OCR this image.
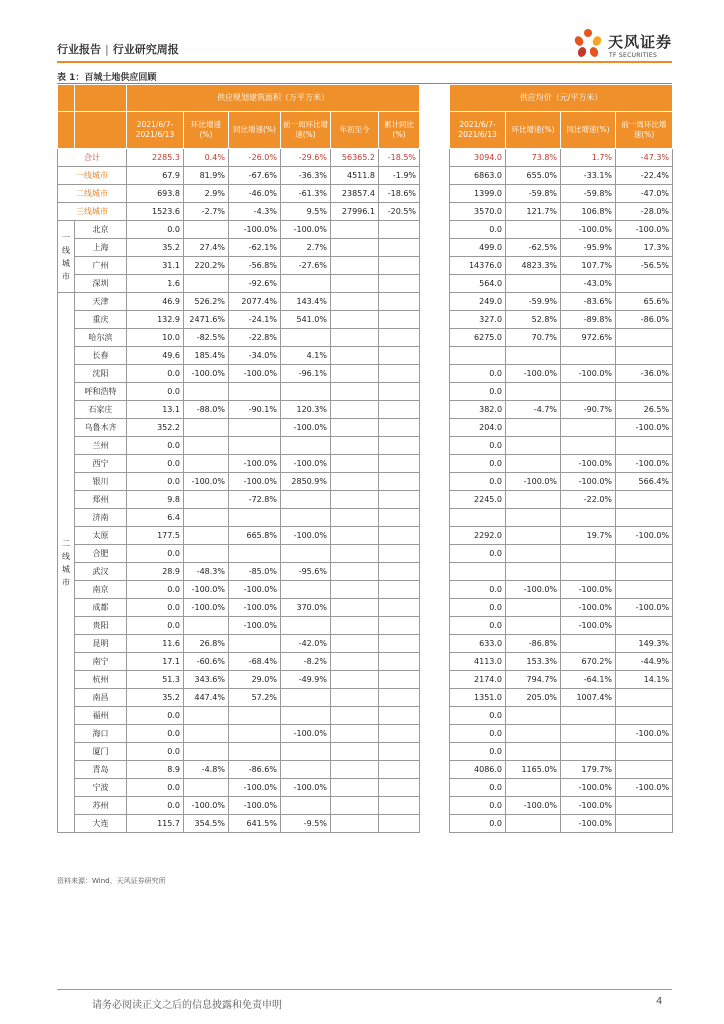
行业报告 | 行业研究周报	天风证券
TF SECURITIES
表 1：百城土地供应回顾
		供应规划建筑面积（万平方米）							供应均价（元/平方米）			
		2021/6/7-2021/6/13	环比增速(%)	同比增速(%)	前一周环比增速(%)	年初至今	累计同比(%)		2021/6/7-2021/6/13	环比增速(%)	同比增速(%)	前一周环比增速(%)
合计		2285.3	0.4%	-26.0%	-29.6%	56365.2	-18.5%		3094.0	73.8%	1.7%	-47.3%
一线城市		67.9	81.9%	-67.6%	-36.3%	4511.8	-1.9%		6863.0	655.0%	-33.1%	-22.4%
二线城市		693.8	2.9%	-46.0%	-61.3%	23857.4	-18.6%		1399.0	-59.8%	-59.8%	-47.0%
三线城市		1523.6	-2.7%	-4.3%	9.5%	27996.1	-20.5%		3570.0	121.7%	106.8%	-28.0%
一
线
城
市	北京	0.0		-100.0%	-100.0%				0.0		-100.0%	-100.0%
	上海	35.2	27.4%	-62.1%	2.7%				499.0	-62.5%	-95.9%	17.3%
	广州	31.1	220.2%	-56.8%	-27.6%				14376.0	4823.3%	107.7%	-56.5%
	深圳	1.6		-92.6%					564.0		-43.0%	
二
线
城
市	天津	46.9	526.2%	2077.4%	143.4%				249.0	-59.9%	-83.6%	65.6%
	重庆	132.9	2471.6%	-24.1%	541.0%				327.0	52.8%	-89.8%	-86.0%
	哈尔滨	10.0	-82.5%	-22.8%					6275.0	70.7%	972.6%	
	长春	49.6	185.4%	-34.0%	4.1%							
	沈阳	0.0	-100.0%	-100.0%	-96.1%				0.0	-100.0%	-100.0%	-36.0%
	呼和浩特	0.0							0.0			
	石家庄	13.1	-88.0%	-90.1%	120.3%				382.0	-4.7%	-90.7%	26.5%
	乌鲁木齐	352.2			-100.0%				204.0			-100.0%
	兰州	0.0							0.0			
	西宁	0.0		-100.0%	-100.0%				0.0		-100.0%	-100.0%
	银川	0.0	-100.0%	-100.0%	2850.9%				0.0	-100.0%	-100.0%	566.4%
	郑州	9.8		-72.8%					2245.0		-22.0%	
	济南	6.4										
	太原	177.5		665.8%	-100.0%				2292.0		19.7%	-100.0%
	合肥	0.0							0.0			
	武汉	28.9	-48.3%	-85.0%	-95.6%							
	南京	0.0	-100.0%	-100.0%					0.0	-100.0%	-100.0%	
	成都	0.0	-100.0%	-100.0%	370.0%				0.0		-100.0%	-100.0%
	贵阳	0.0		-100.0%					0.0		-100.0%	
	昆明	11.6	26.8%		-42.0%				633.0	-86.8%		149.3%
	南宁	17.1	-60.6%	-68.4%	-8.2%				4113.0	153.3%	670.2%	-44.9%
	杭州	51.3	343.6%	29.0%	-49.9%				2174.0	794.7%	-64.1%	14.1%
	南昌	35.2	447.4%	57.2%					1351.0	205.0%	1007.4%	
	福州	0.0							0.0			
	海口	0.0			-100.0%				0.0			-100.0%
	厦门	0.0							0.0			
	青岛	8.9	-4.8%	-86.6%					4086.0	1165.0%	179.7%	
	宁波	0.0		-100.0%	-100.0%				0.0		-100.0%	-100.0%
	苏州	0.0	-100.0%	-100.0%					0.0	-100.0%	-100.0%	
	大连	115.7	354.5%	641.5%	-9.5%				0.0		-100.0%	
资料来源：Wind、天风证券研究所
请务必阅读正文之后的信息披露和免责申明	4
